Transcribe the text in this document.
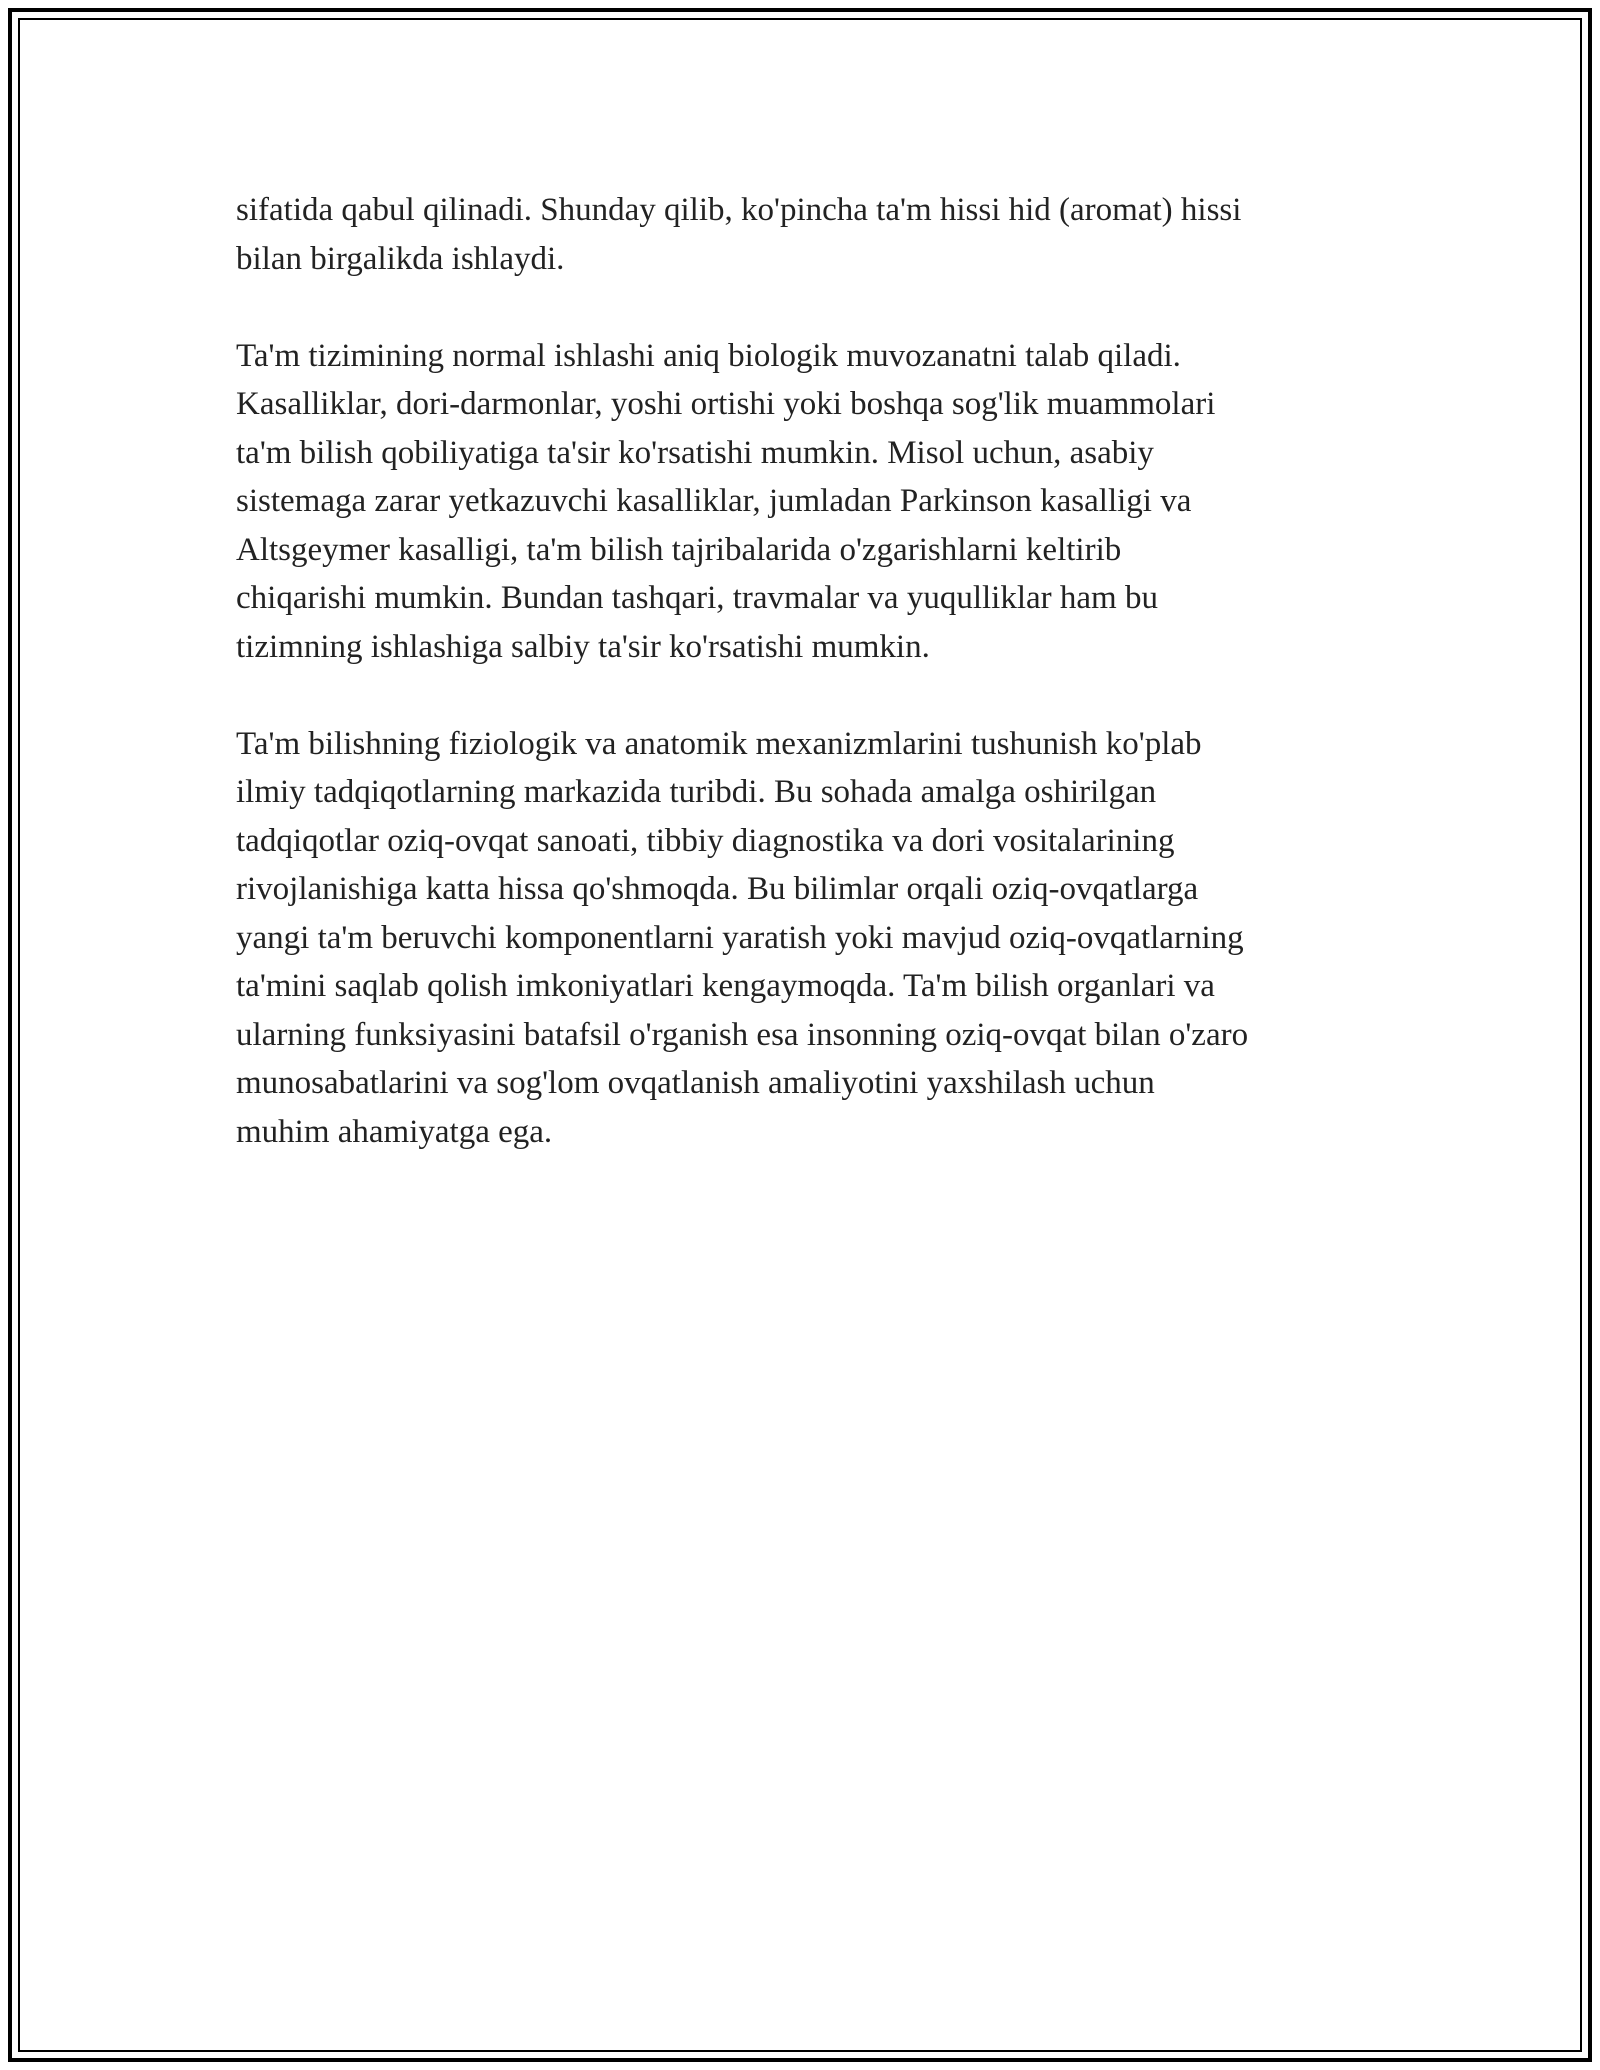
sifatida qabul qilinadi. Shunday qilib, ko'pincha ta'm hissi hid (aromat) hissi
bilan birgalikda ishlaydi.

Ta'm tizimining normal ishlashi aniq biologik muvozanatni talab qiladi.
Kasalliklar, dori-darmonlar, yoshi ortishi yoki boshqa sog'lik muammolari
ta'm bilish qobiliyatiga ta'sir ko'rsatishi mumkin. Misol uchun, asabiy
sistemaga zarar yetkazuvchi kasalliklar, jumladan Parkinson kasalligi va
Altsgeymer kasalligi, ta'm bilish tajribalarida o'zgarishlarni keltirib
chiqarishi mumkin. Bundan tashqari, travmalar va yuqulliklar ham bu
tizimning ishlashiga salbiy ta'sir ko'rsatishi mumkin.

Ta'm bilishning fiziologik va anatomik mexanizmlarini tushunish ko'plab
ilmiy tadqiqotlarning markazida turibdi. Bu sohada amalga oshirilgan
tadqiqotlar oziq-ovqat sanoati, tibbiy diagnostika va dori vositalarining
rivojlanishiga katta hissa qo'shmoqda. Bu bilimlar orqali oziq-ovqatlarga
yangi ta'm beruvchi komponentlarni yaratish yoki mavjud oziq-ovqatlarning
ta'mini saqlab qolish imkoniyatlari kengaymoqda. Ta'm bilish organlari va
ularning funksiyasini batafsil o'rganish esa insonning oziq-ovqat bilan o'zaro
munosabatlarini va sog'lom ovqatlanish amaliyotini yaxshilash uchun
muhim ahamiyatga ega.
